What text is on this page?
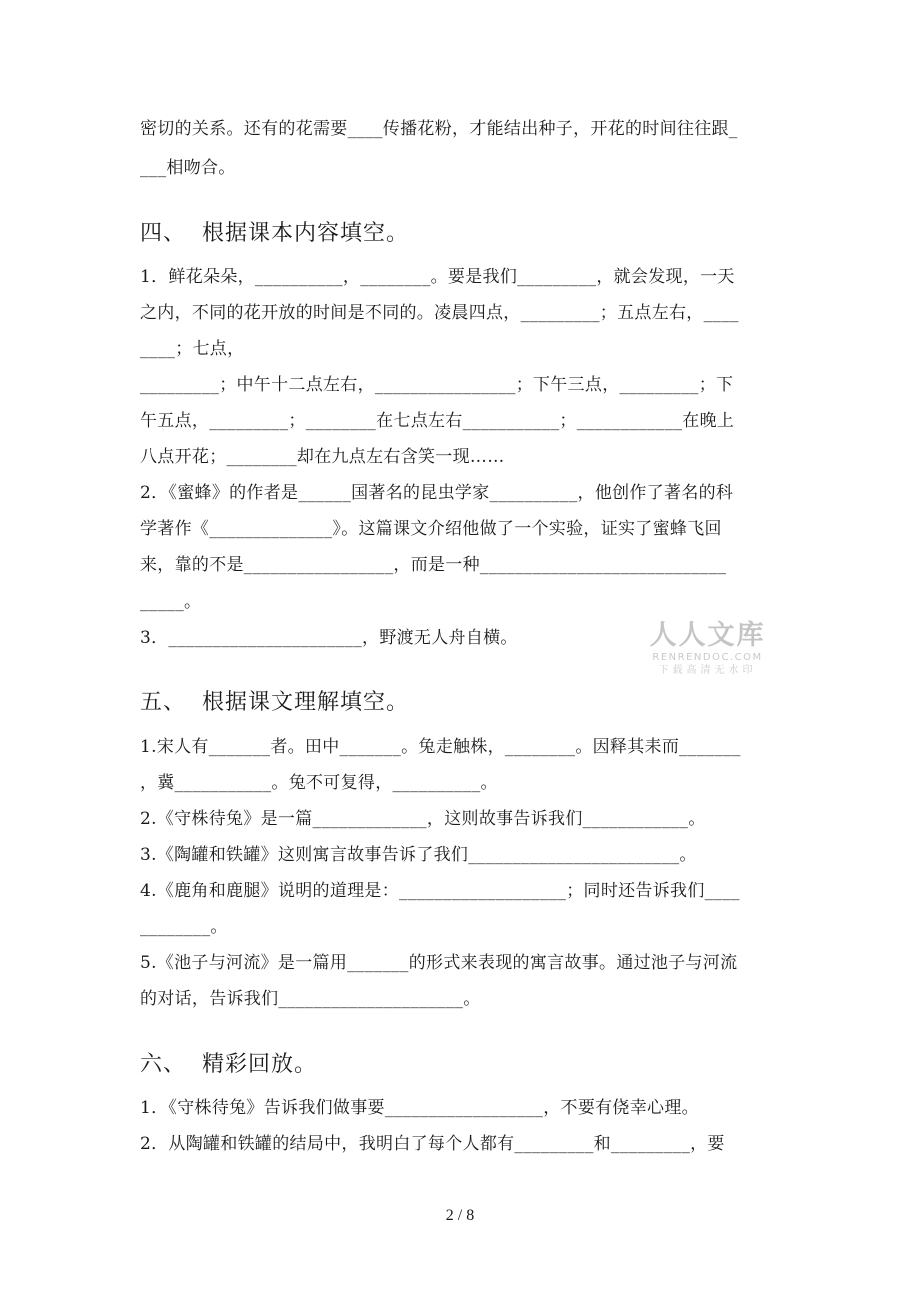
密切的关系。还有的花需要____传播花粉，才能结出种子，开花的时间往往跟_
___相吻合。
四、  根据课本内容填空。
1．鲜花朵朵，__________，________。要是我们_________，就会发现，一天
之内，不同的花开放的时间是不同的。凌晨四点，_________；五点左右，____
____；七点，
_________；中午十二点左右，________________；下午三点，_________；下
午五点，_________；________在七点左右___________；____________在晚上
八点开花；________却在九点左右含笑一现……
2．《蜜蜂》的作者是______国著名的昆虫学家__________，他创作了著名的科
学著作《______________》。这篇课文介绍他做了一个实验，证实了蜜蜂飞回
来，靠的不是_________________，而是一种____________________________
_____。
3．______________________，野渡无人舟自横。	人人文库
RENRENDOC.COM
下载高清无水印
五、  根据课文理解填空。
1.宋人有_______者。田中_______。兔走触株，________。因释其耒而_______
，冀___________。兔不可复得，__________。
2.《守株待兔》是一篇_____________，这则故事告诉我们____________。
3.《陶罐和铁罐》这则寓言故事告诉了我们________________________。
4.《鹿角和鹿腿》说明的道理是：___________________；同时还告诉我们____
________。
5.《池子与河流》是一篇用_______的形式来表现的寓言故事。通过池子与河流
的对话，告诉我们_____________________。
六、  精彩回放。
1．《守株待兔》告诉我们做事要__________________，不要有侥幸心理。
2．从陶罐和铁罐的结局中，我明白了每个人都有_________和_________，要
2 / 8
